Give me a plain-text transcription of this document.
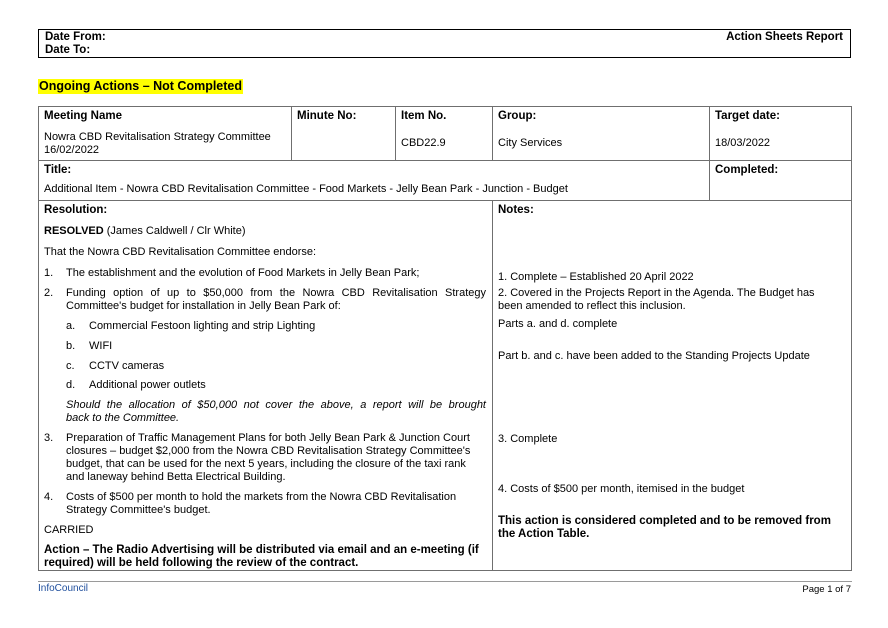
Date From:
Date To:
Action Sheets Report
Ongoing Actions – Not Completed
Meeting Name
Nowra CBD Revitalisation Strategy Committee
16/02/2022
Minute No:	Item No.
CBD22.9
Group:
City Services
Target date:
18/03/2022
Title:
Additional Item - Nowra CBD Revitalisation Committee - Food Markets - Jelly Bean Park - Junction - Budget
Completed:
Resolution:
RESOLVED (James Caldwell / Clr White)
That the Nowra CBD Revitalisation Committee endorse:
1. The establishment and the evolution of Food Markets in Jelly Bean Park;
2. Funding option of up to $50,000 from the Nowra CBD Revitalisation Strategy
Committee's budget for installation in Jelly Bean Park of:
a. Commercial Festoon lighting and strip Lighting
b. WIFI
c. CCTV cameras
d. Additional power outlets
Should the allocation of $50,000 not cover the above, a report will be brought
back to the Committee.
3. Preparation of Traffic Management Plans for both Jelly Bean Park & Junction Court
closures – budget $2,000 from the Nowra CBD Revitalisation Strategy Committee's
budget, that can be used for the next 5 years, including the closure of the taxi rank
and laneway behind Betta Electrical Building.
4. Costs of $500 per month to hold the markets from the Nowra CBD Revitalisation
Strategy Committee's budget.
CARRIED
Action – The Radio Advertising will be distributed via email and an e-meeting (if
required) will be held following the review of the contract.
Notes:
1. Complete – Established 20 April 2022
2. Covered in the Projects Report in the Agenda. The Budget has
been amended to reflect this inclusion.
Parts a. and d. complete
Part b. and c. have been added to the Standing Projects Update
3. Complete
4. Costs of $500 per month, itemised in the budget
This action is considered completed and to be removed from
the Action Table.
InfoCouncil	Page 1 of 7
